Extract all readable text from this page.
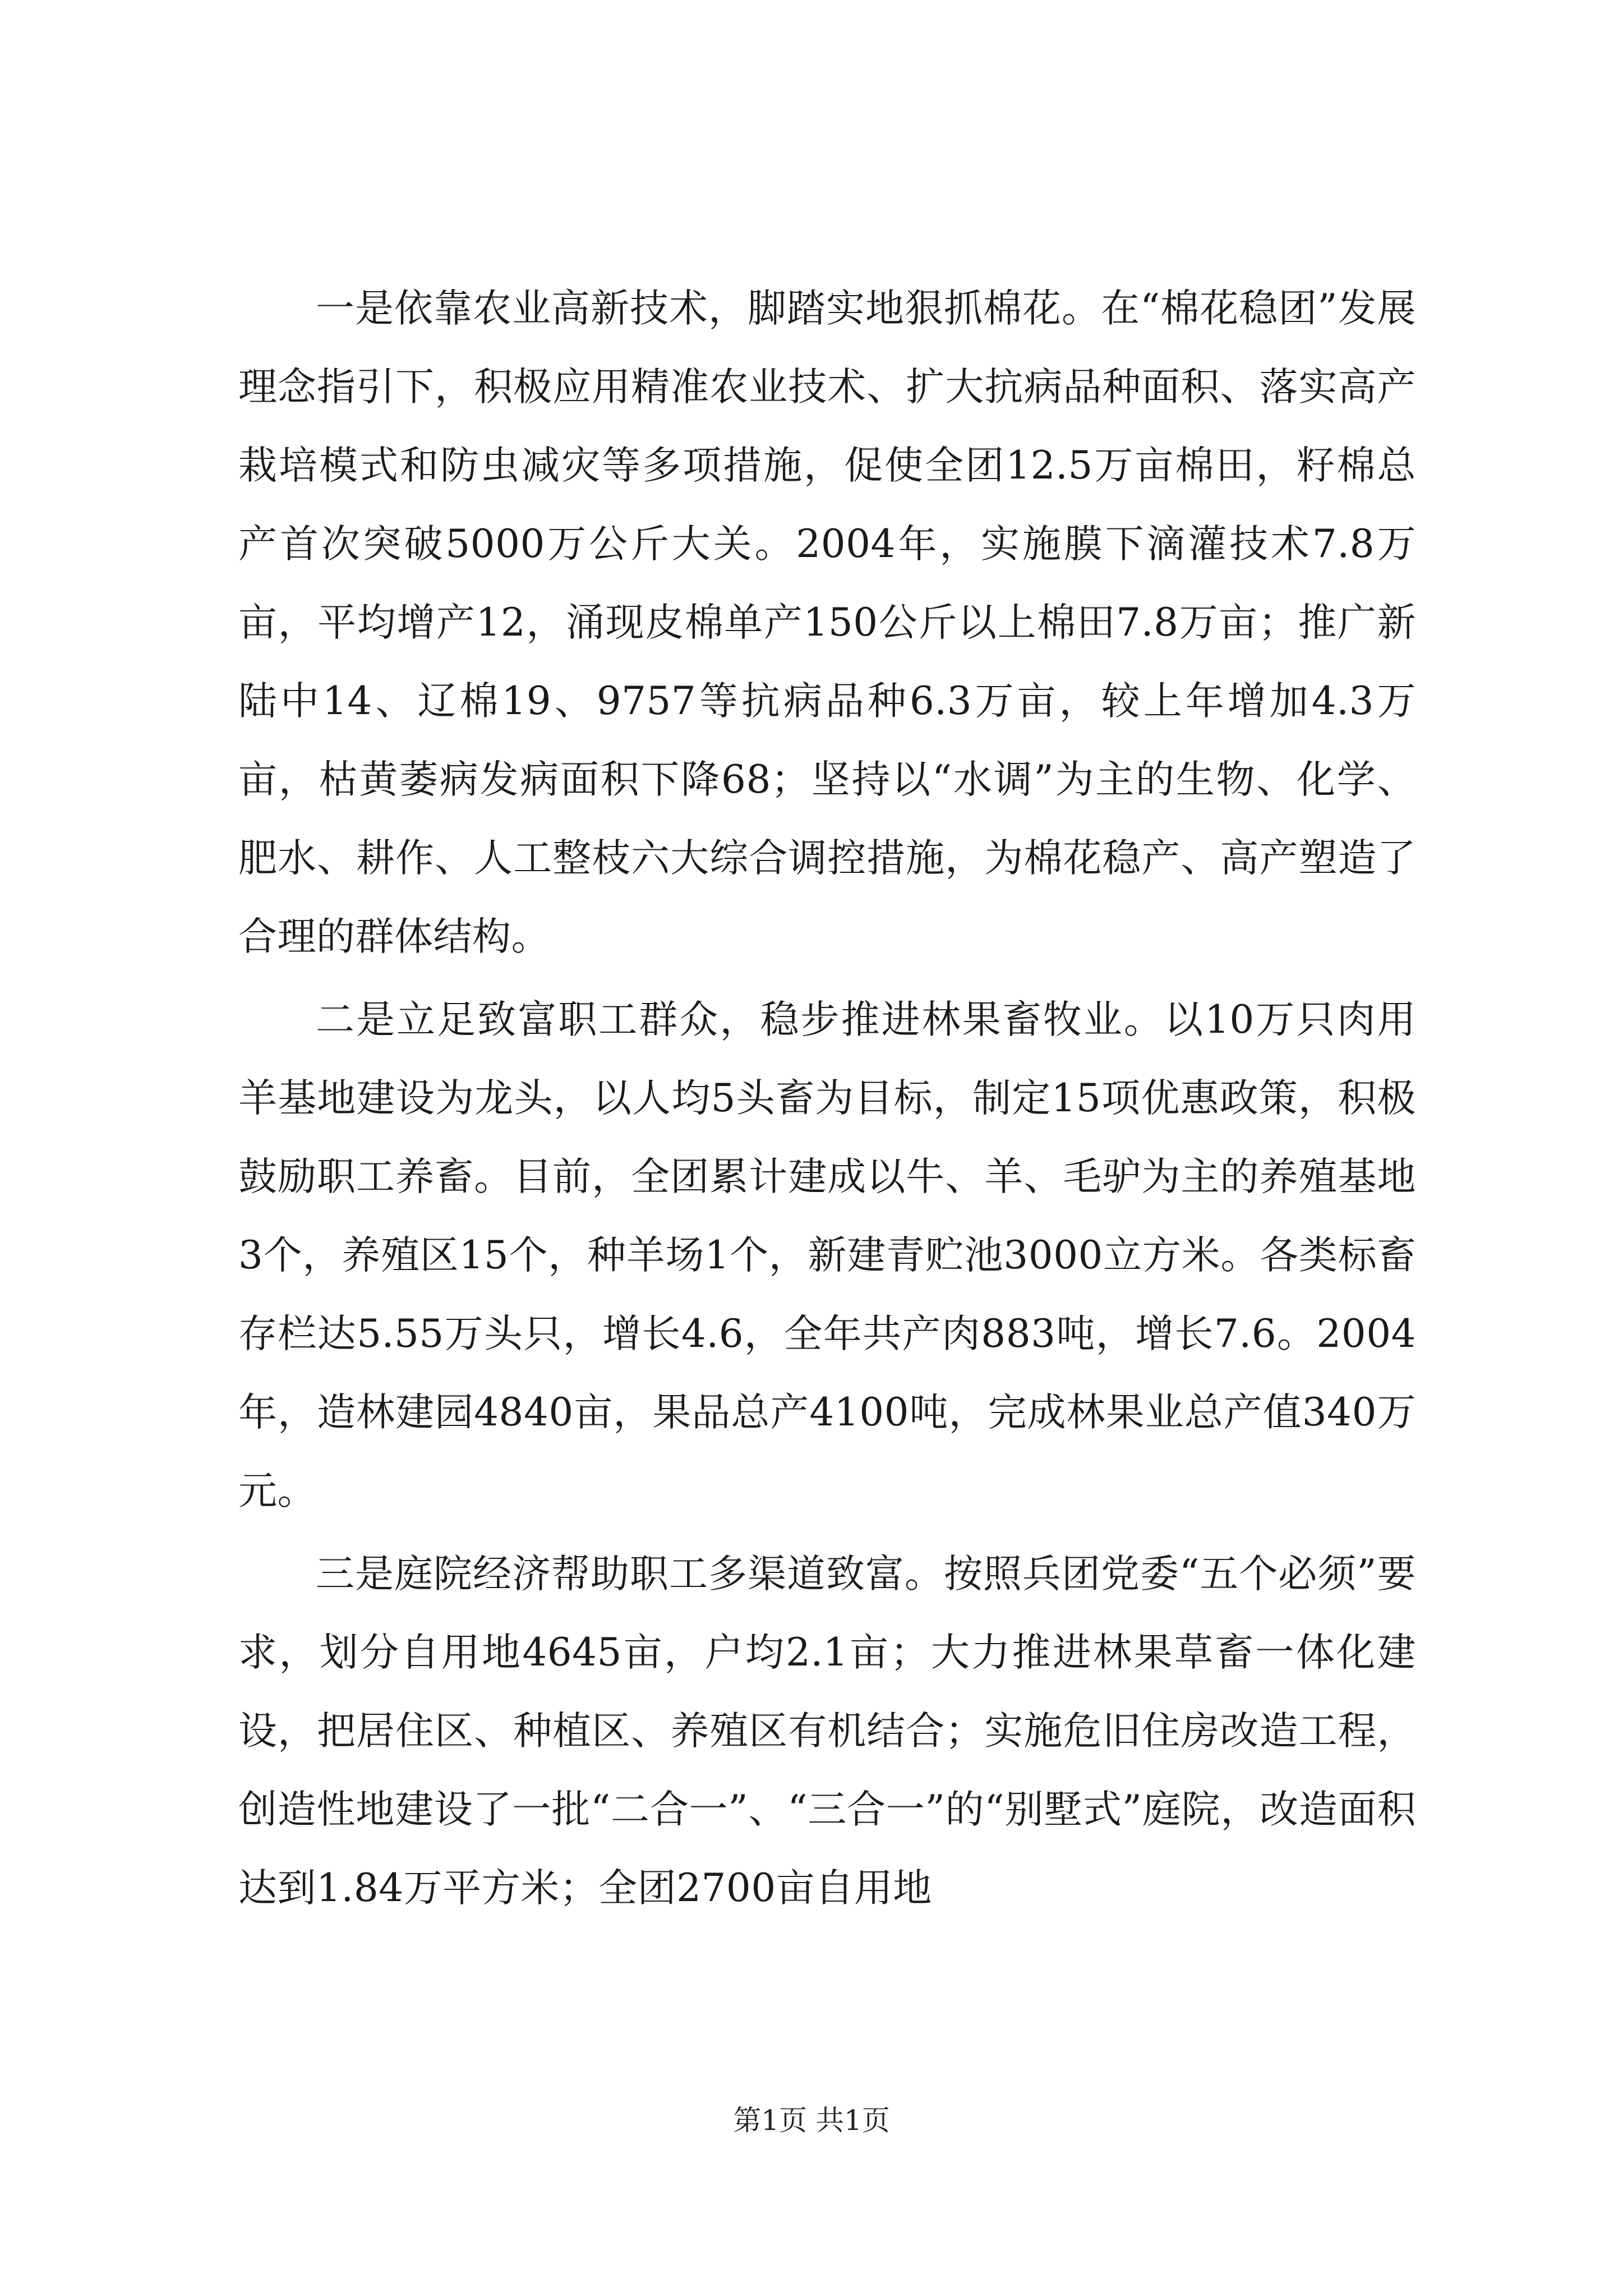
一是依靠农业高新技术，脚踏实地狠抓棉花。在“棉花稳团”发展理念指引下，积极应用精准农业技术、扩大抗病品种面积、落实高产栽培模式和防虫减灾等多项措施，促使全团12.5万亩棉田，籽棉总产首次突破5000万公斤大关。2004年，实施膜下滴灌技术7.8万亩，平均增产12，涌现皮棉单产150公斤以上棉田7.8万亩；推广新陆中14、辽棉19、9757等抗病品种6.3万亩，较上年增加4.3万亩，枯黄萎病发病面积下降68；坚持以“水调”为主的生物、化学、肥水、耕作、人工整枝六大综合调控措施，为棉花稳产、高产塑造了合理的群体结构。

二是立足致富职工群众，稳步推进林果畜牧业。以10万只肉用羊基地建设为龙头，以人均5头畜为目标，制定15项优惠政策，积极鼓励职工养畜。目前，全团累计建成以牛、羊、毛驴为主的养殖基地3个，养殖区15个，种羊场1个，新建青贮池3000立方米。各类标畜存栏达5.55万头只，增长4.6，全年共产肉883吨，增长7.6。2004年，造林建园4840亩，果品总产4100吨，完成林果业总产值340万元。

三是庭院经济帮助职工多渠道致富。按照兵团党委“五个必须”要求，划分自用地4645亩，户均2.1亩；大力推进林果草畜一体化建设，把居住区、种植区、养殖区有机结合；实施危旧住房改造工程，创造性地建设了一批“二合一”、“三合一”的“别墅式”庭院，改造面积达到1.84万平方米；全团2700亩自用地

第1页 共1页
